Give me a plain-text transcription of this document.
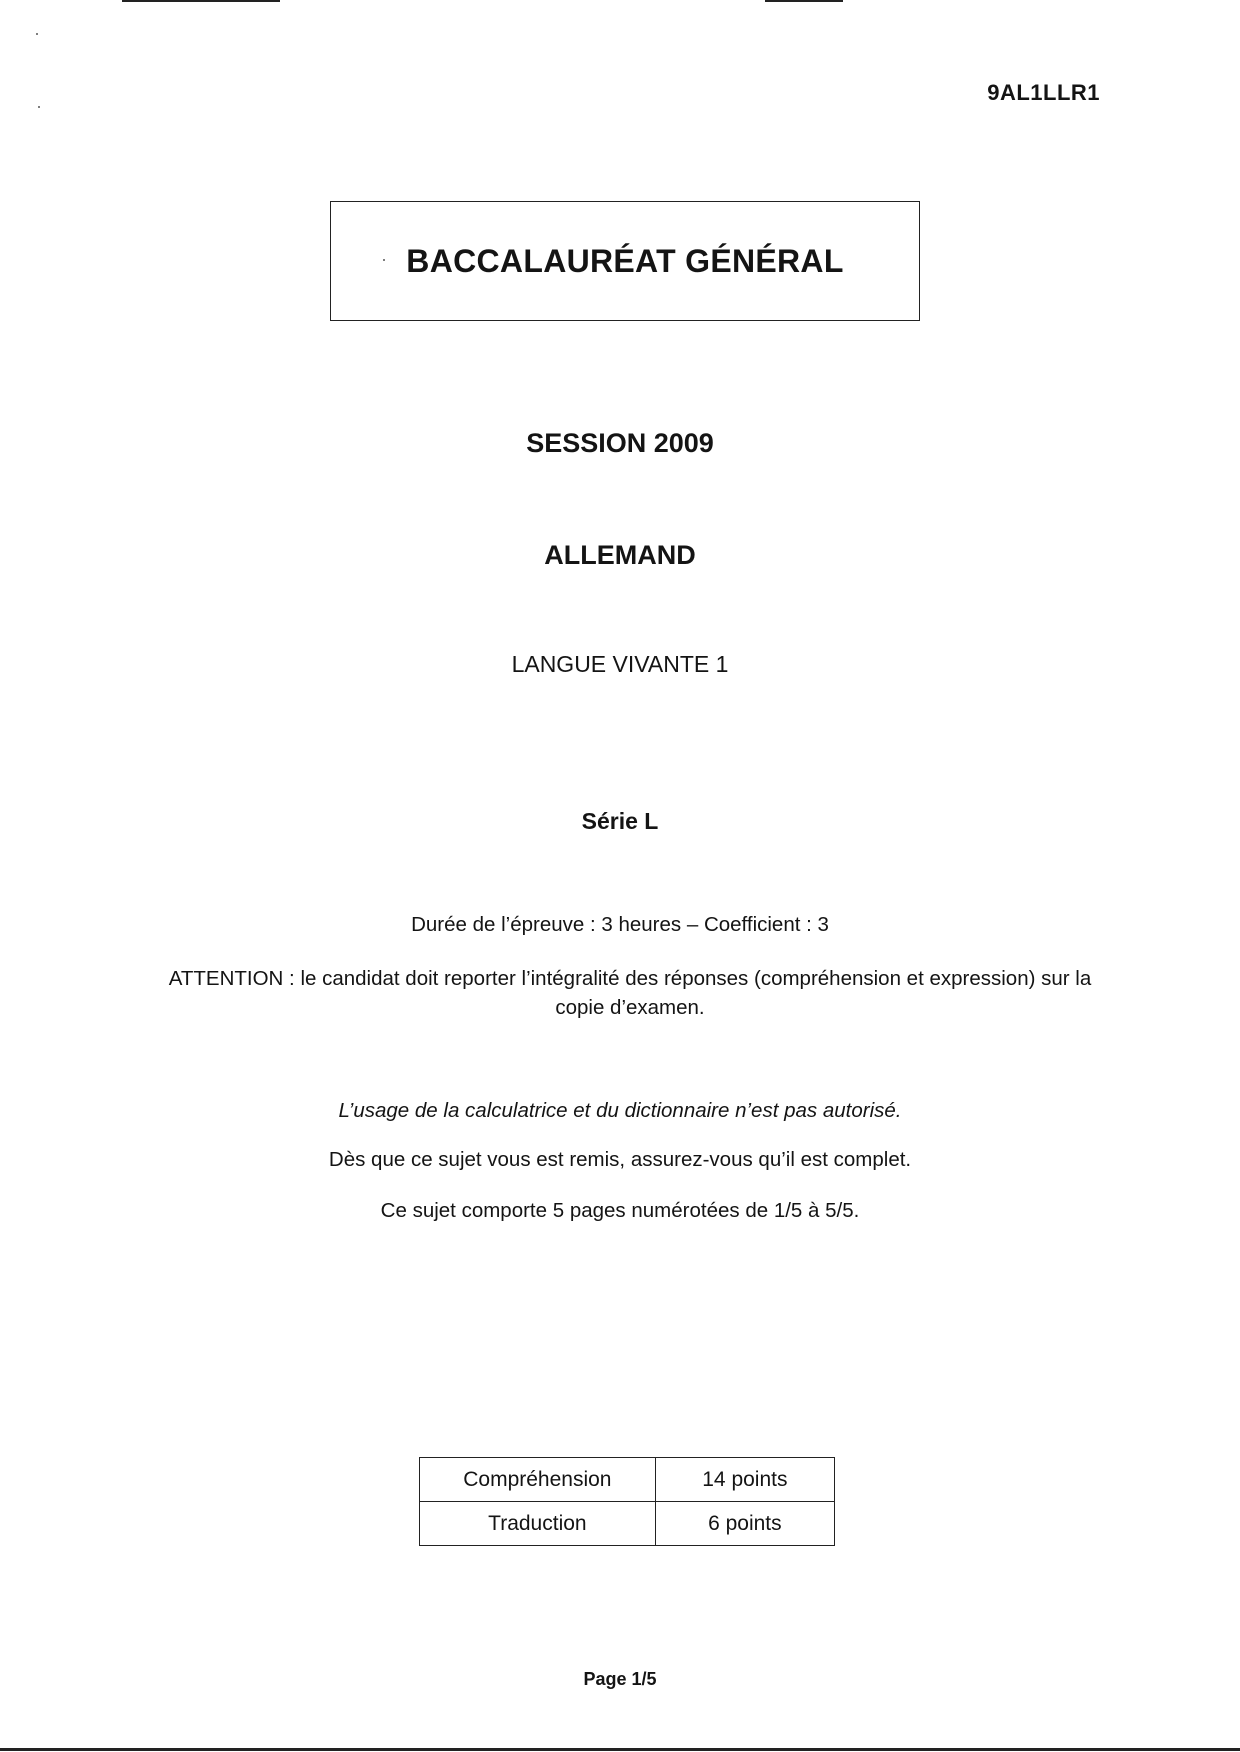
9AL1LLR1
BACCALAURÉAT GÉNÉRAL

SESSION 2009

ALLEMAND

LANGUE VIVANTE 1

Série L

Durée de l’épreuve : 3 heures – Coefficient : 3

ATTENTION : le candidat doit reporter l’intégralité des réponses (compréhension et expression) sur la copie d’examen.

L’usage de la calculatrice et du dictionnaire n’est pas autorisé.

Dès que ce sujet vous est remis, assurez-vous qu’il est complet.

Ce sujet comporte 5 pages numérotées de 1/5 à 5/5.

Compréhension	14 points
Traduction	6 points

Page 1/5
